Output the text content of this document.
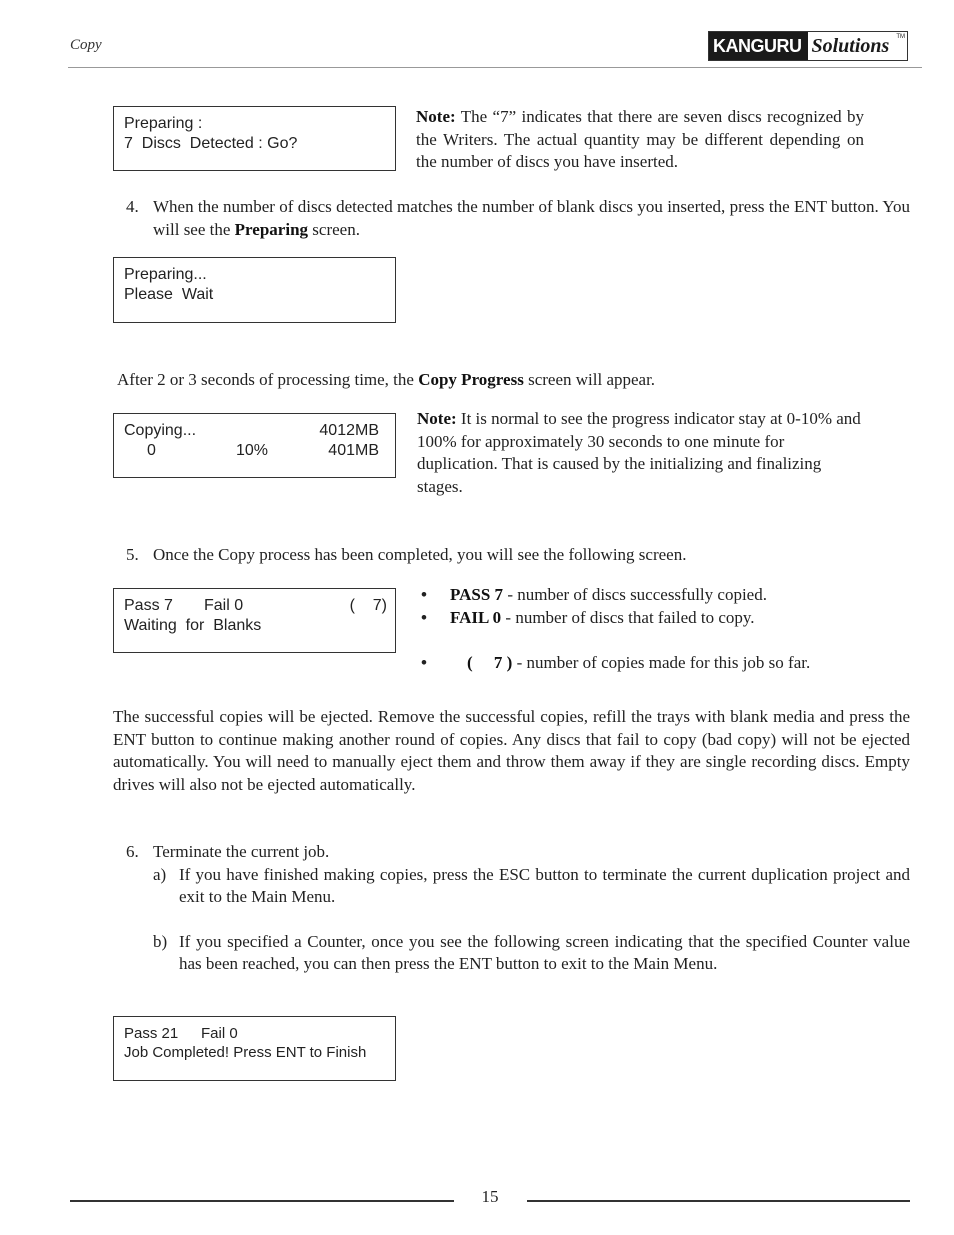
Copy	KANGURU Solutions TM
Preparing :
7  Discs  Detected : Go?
Note: The “7” indicates that there are seven discs recognized by the Writers. The actual quantity may be different depending on the number of discs you have inserted.
4. When the number of discs detected matches the number of blank discs you inserted, press the ENT button. You will see the Preparing screen.
Preparing...
Please  Wait
After 2 or 3 seconds of processing time, the Copy Progress screen will appear.
Copying...	4012MB
0	10%	401MB
Note: It is normal to see the progress indicator stay at 0-10% and 100% for approximately 30 seconds to one minute for duplication. That is caused by the initializing and finalizing stages.
5. Once the Copy process has been completed, you will see the following screen.
Pass 7 Fail 0	(    7)
Waiting  for  Blanks
• PASS 7 - number of discs successfully copied.
• FAIL 0 - number of discs that failed to copy.

• (     7 ) - number of copies made for this job so far.

The successful copies will be ejected. Remove the successful copies, refill the trays with blank media and press the ENT button to continue making another round of copies. Any discs that fail to copy (bad copy) will not be ejected automatically. You will need to manually eject them and throw them away if they are single recording discs. Empty drives will also not be ejected automatically.
6. Terminate the current job.
a) If you have finished making copies, press the ESC button to terminate the current duplication project and exit to the Main Menu.
b) If you specified a Counter, once you see the following screen indicating that the specified Counter value has been reached, you can then press the ENT button to exit to the Main Menu.
Pass 21 Fail 0
Job Completed! Press ENT to Finish
15
